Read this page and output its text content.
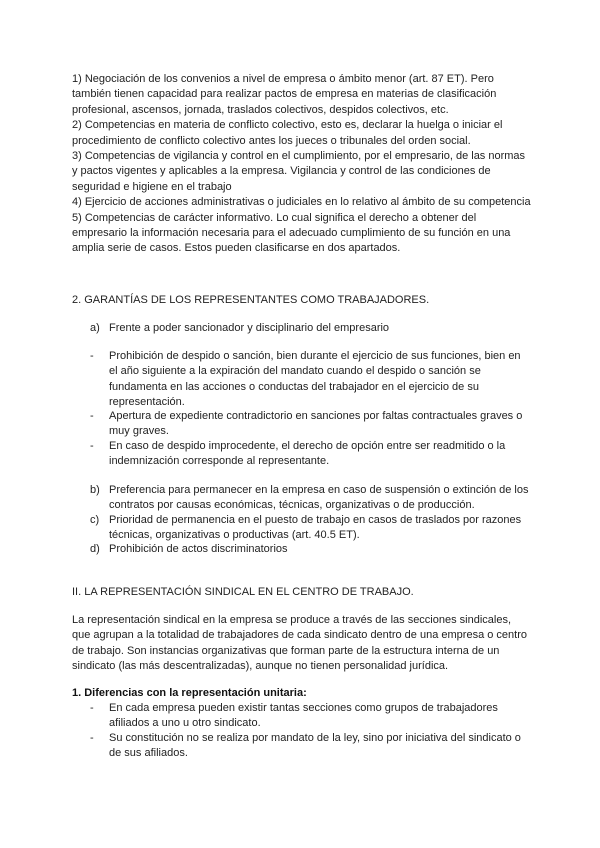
1) Negociación de los convenios a nivel de empresa o ámbito menor (art. 87 ET). Pero también tienen capacidad para realizar pactos de empresa en materias de clasificación profesional, ascensos, jornada, traslados colectivos, despidos colectivos, etc.

2) Competencias en materia de conflicto colectivo, esto es, declarar la huelga o iniciar el procedimiento de conflicto colectivo antes los jueces o tribunales del orden social.

3) Competencias de vigilancia y control en el cumplimiento, por el empresario, de las normas y pactos vigentes y aplicables a la empresa. Vigilancia y control de las condiciones de seguridad e higiene en el trabajo

4) Ejercicio de acciones administrativas o judiciales en lo relativo al ámbito de su competencia

5) Competencias de carácter informativo. Lo cual significa el derecho a obtener del empresario la información necesaria para el adecuado cumplimiento de su función en una amplia serie de casos. Estos pueden clasificarse en dos apartados.

2. GARANTÍAS DE LOS REPRESENTANTES COMO TRABAJADORES.
a) Frente a poder sancionador y disciplinario del empresario
- Prohibición de despido o sanción, bien durante el ejercicio de sus funciones, bien en el año siguiente a la expiración del mandato cuando el despido o sanción se fundamenta en las acciones o conductas del trabajador en el ejercicio de su representación.
- Apertura de expediente contradictorio en sanciones por faltas contractuales graves o muy graves.
- En caso de despido improcedente, el derecho de opción entre ser readmitido o la indemnización corresponde al representante.
b) Preferencia para permanecer en la empresa en caso de suspensión o extinción de los contratos por causas económicas, técnicas, organizativas o de producción.
c) Prioridad de permanencia en el puesto de trabajo en casos de traslados por razones técnicas, organizativas o productivas (art. 40.5 ET).
d) Prohibición de actos discriminatorios
II. LA REPRESENTACIÓN SINDICAL EN EL CENTRO DE TRABAJO.
La representación sindical en la empresa se produce a través de las secciones sindicales, que agrupan a la totalidad de trabajadores de cada sindicato dentro de una empresa o centro de trabajo. Son instancias organizativas que forman parte de la estructura interna de un sindicato (las más descentralizadas), aunque no tienen personalidad jurídica.
1. Diferencias con la representación unitaria:
- En cada empresa pueden existir tantas secciones como grupos de trabajadores afiliados a uno u otro sindicato.
- Su constitución no se realiza por mandato de la ley, sino por iniciativa del sindicato o de sus afiliados.
